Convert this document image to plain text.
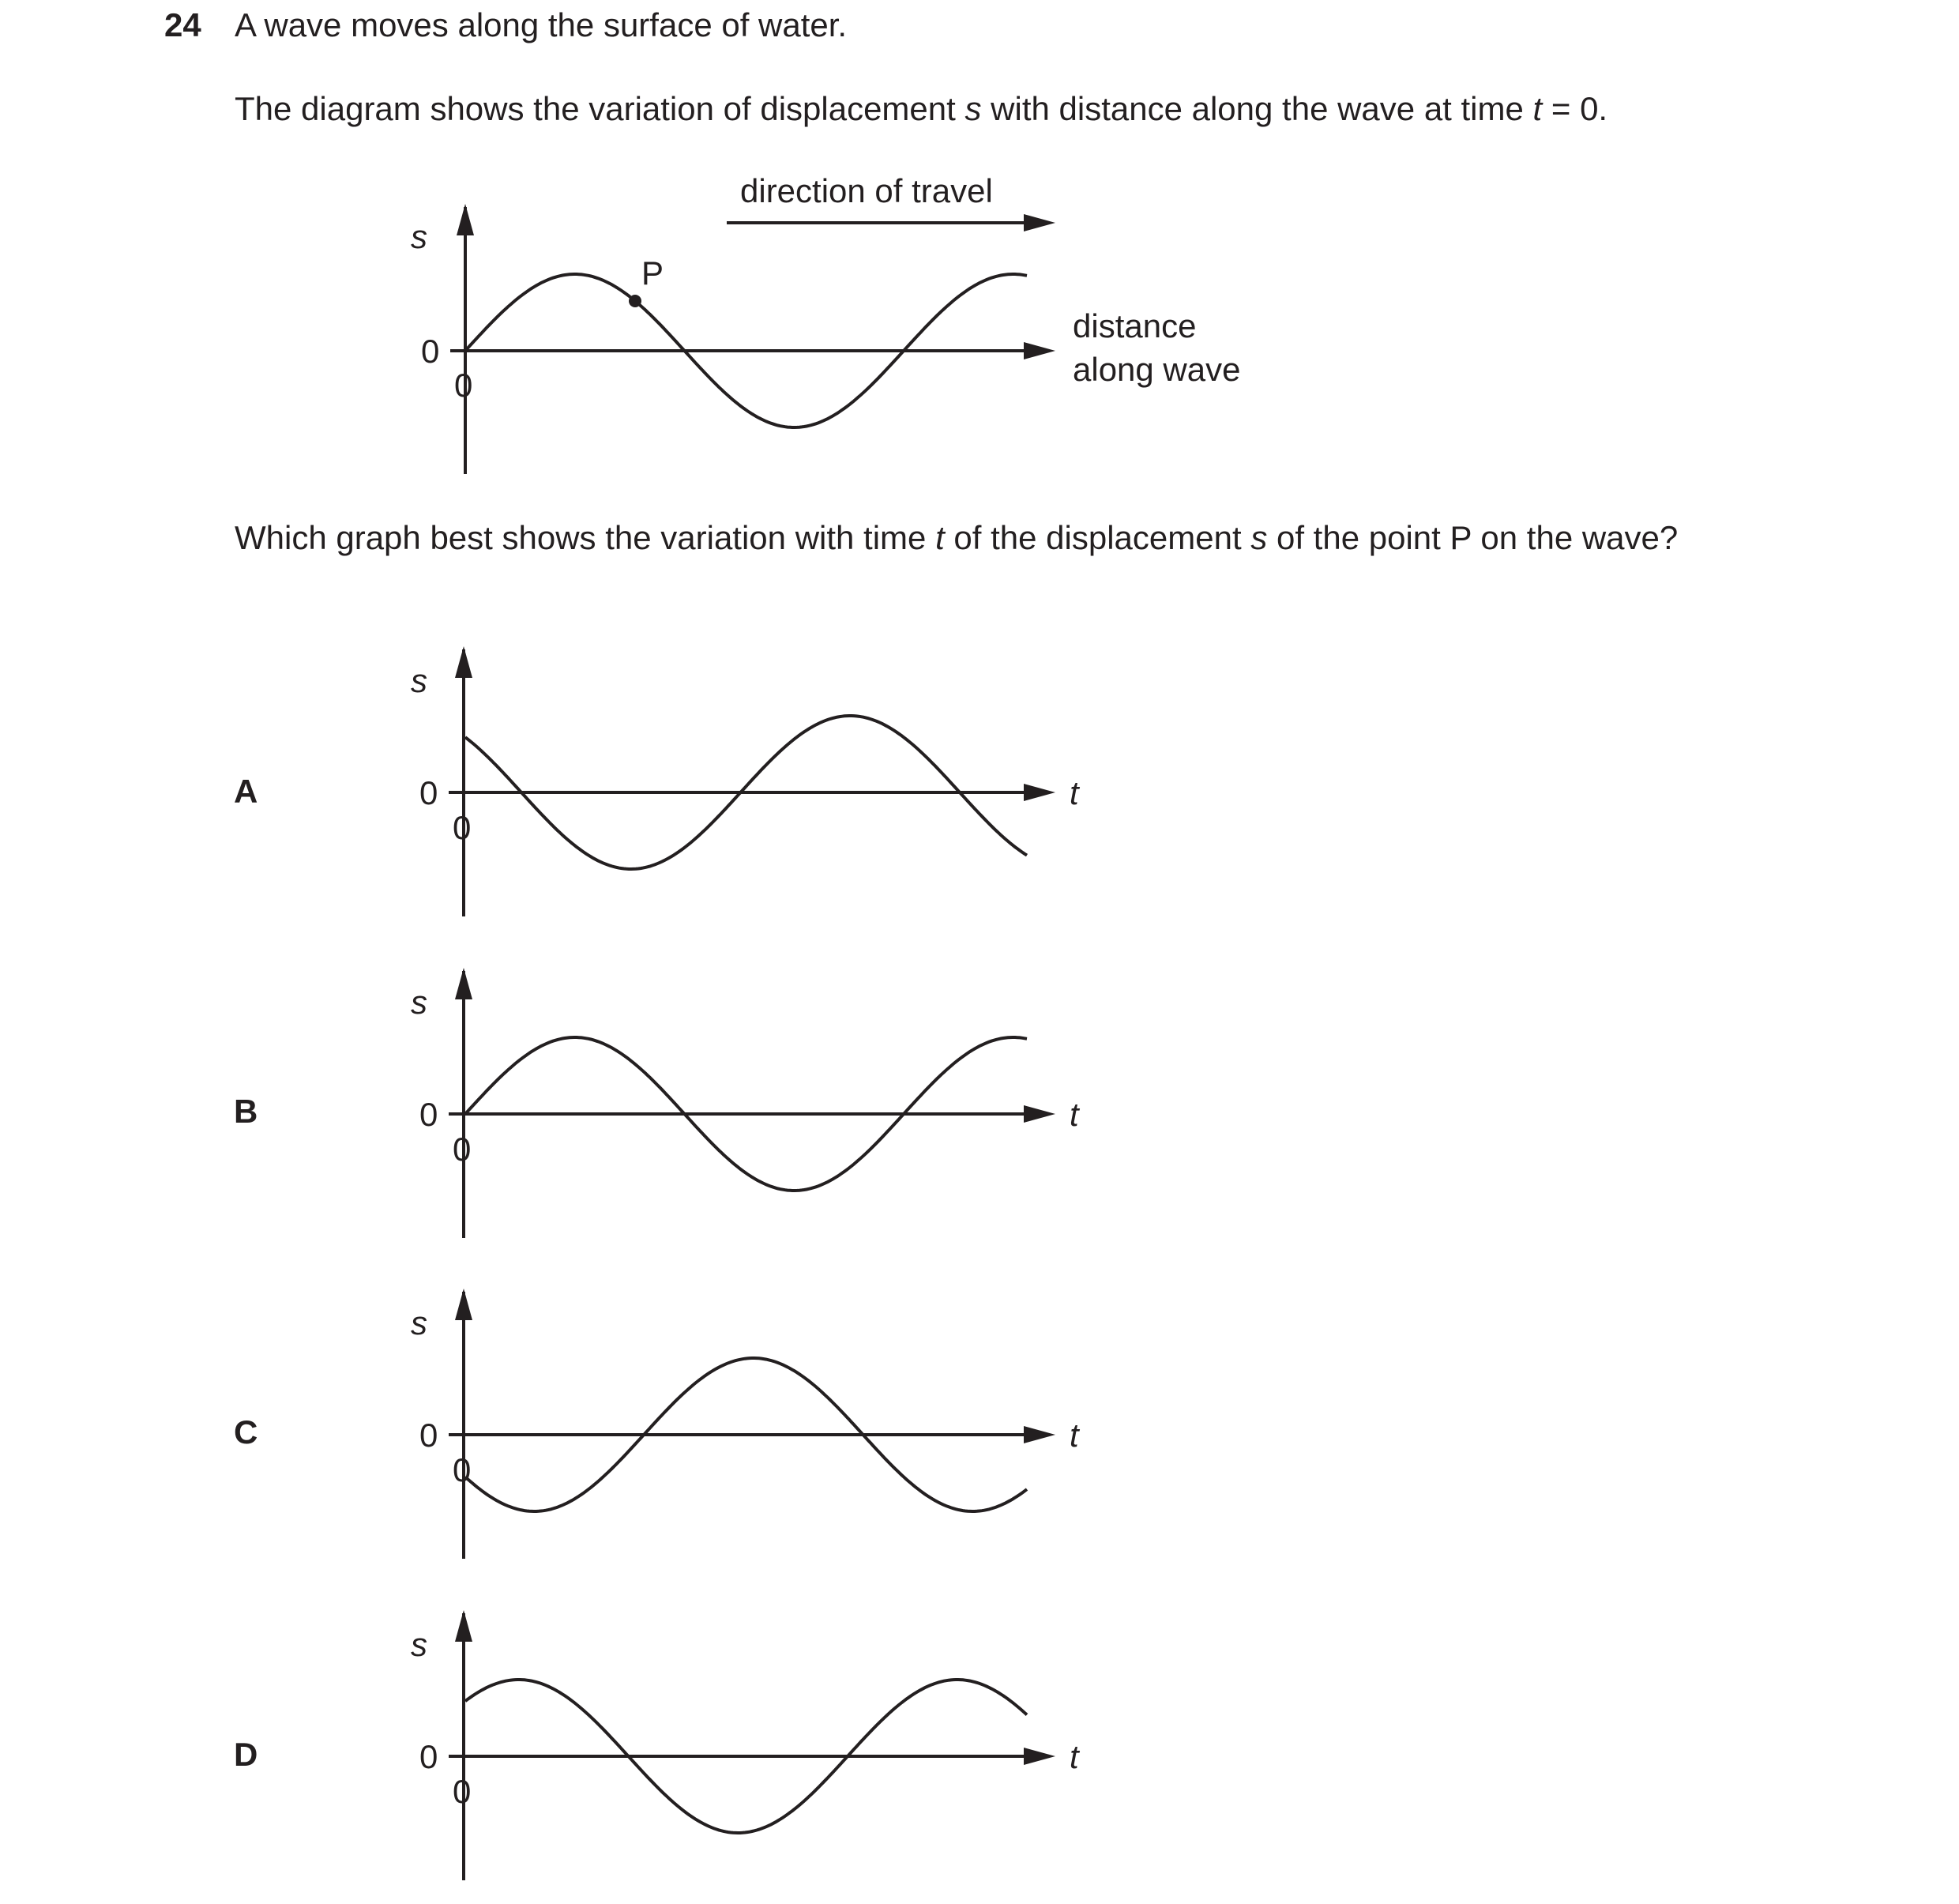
24 A wave moves along the surface of water.
The diagram shows the variation of displacement s with distance along the wave at time t = 0.
Which graph best shows the variation with time t of the displacement s of the point P on the wave?
A
B
C
D
s
0
0
P
direction of travel
distance
along wave
s
0
0
t
s
0
0
t
s
0
0
t
s
0
0
t
